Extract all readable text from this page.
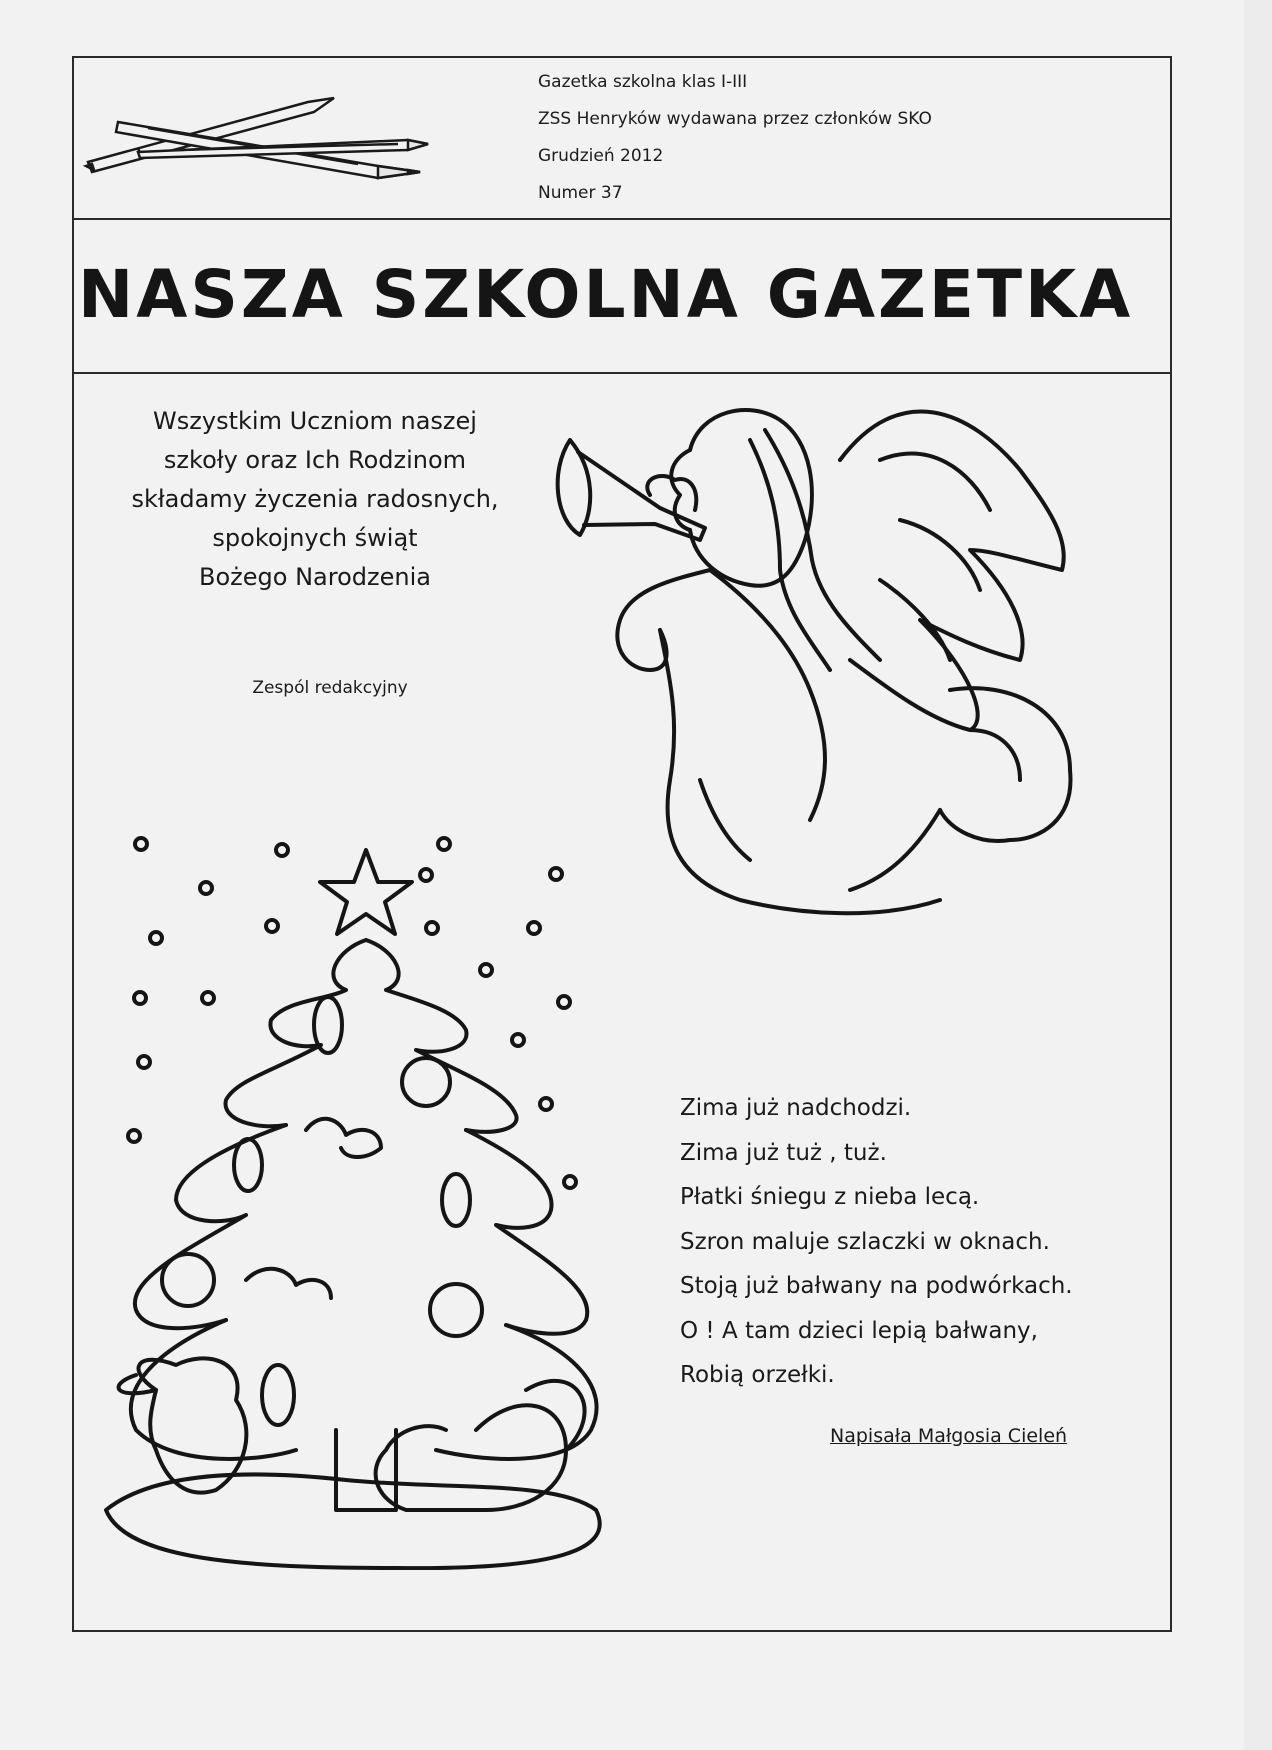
Gazetka szkolna klas I-III
ZSS Henryków wydawana przez członków SKO
Grudzień 2012
Numer 37
NASZA SZKOLNA GAZETKA
Wszystkim Uczniom naszej
szkoły oraz Ich Rodzinom
składamy życzenia radosnych,
spokojnych świąt
Bożego Narodzenia
Zespól redakcyjny
Zima już nadchodzi.
Zima już tuż , tuż.
Płatki śniegu z nieba lecą.
Szron maluje szlaczki w oknach.
Stoją już bałwany na podwórkach.
O ! A tam dzieci lepią bałwany,
Robią orzełki.
Napisała Małgosia Cieleń
